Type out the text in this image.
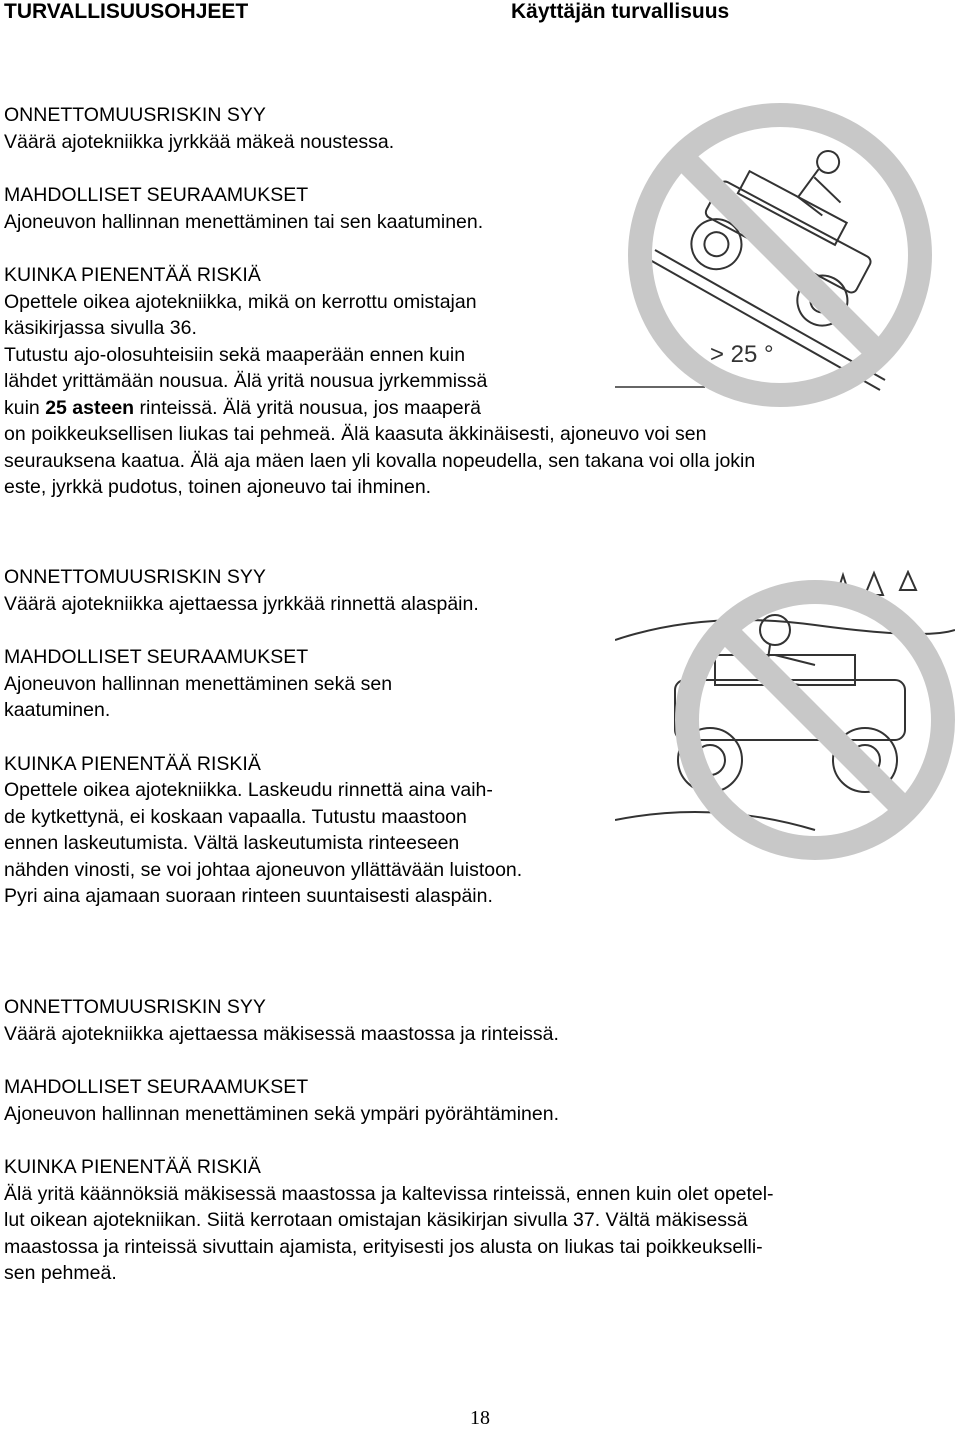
TURVALLISUUSOHJEET	Käyttäjän turvallisuus
> 25 °

ONNETTOMUUSRISKIN SYY

Väärä ajotekniikka jyrkkää mäkeä noustessa.

MAHDOLLISET SEURAAMUKSET

Ajoneuvon hallinnan menettäminen tai sen kaatuminen.

KUINKA PIENENTÄÄ RISKIÄ

Opettele oikea ajotekniikka, mikä on kerrottu omistajan

käsikirjassa sivulla 36.

Tutustu ajo-olosuhteisiin sekä maaperään ennen kuin

lähdet yrittämään nousua. Älä yritä nousua jyrkemmissä

kuin 25 asteen rinteissä. Älä yritä nousua, jos maaperä

on poikkeuksellisen liukas tai pehmeä. Älä kaasuta äkkinäisesti, ajoneuvo voi sen

seurauksena kaatua. Älä aja mäen laen yli kovalla nopeudella, sen takana voi olla jokin

este, jyrkkä pudotus, toinen ajoneuvo tai ihminen.

ONNETTOMUUSRISKIN SYY

Väärä ajotekniikka ajettaessa jyrkkää rinnettä alaspäin.

MAHDOLLISET SEURAAMUKSET

Ajoneuvon hallinnan menettäminen sekä sen

kaatuminen.

KUINKA PIENENTÄÄ RISKIÄ

Opettele oikea ajotekniikka. Laskeudu rinnettä aina vaih-

de kytkettynä, ei koskaan vapaalla. Tutustu maastoon

ennen laskeutumista. Vältä laskeutumista rinteeseen

nähden vinosti, se voi johtaa ajoneuvon yllättävään luistoon.

Pyri aina ajamaan suoraan rinteen suuntaisesti alaspäin.

ONNETTOMUUSRISKIN SYY

Väärä ajotekniikka ajettaessa mäkisessä maastossa ja rinteissä.

MAHDOLLISET SEURAAMUKSET

Ajoneuvon hallinnan menettäminen sekä ympäri pyörähtäminen.

KUINKA PIENENTÄÄ RISKIÄ

Älä yritä käännöksiä mäkisessä maastossa ja kaltevissa rinteissä, ennen kuin olet opetel-

lut oikean ajotekniikan. Siitä kerrotaan omistajan käsikirjan sivulla 37. Vältä mäkisessä

maastossa ja rinteissä sivuttain ajamista, erityisesti jos alusta on liukas tai poikkeukselli-

sen pehmeä.

18
